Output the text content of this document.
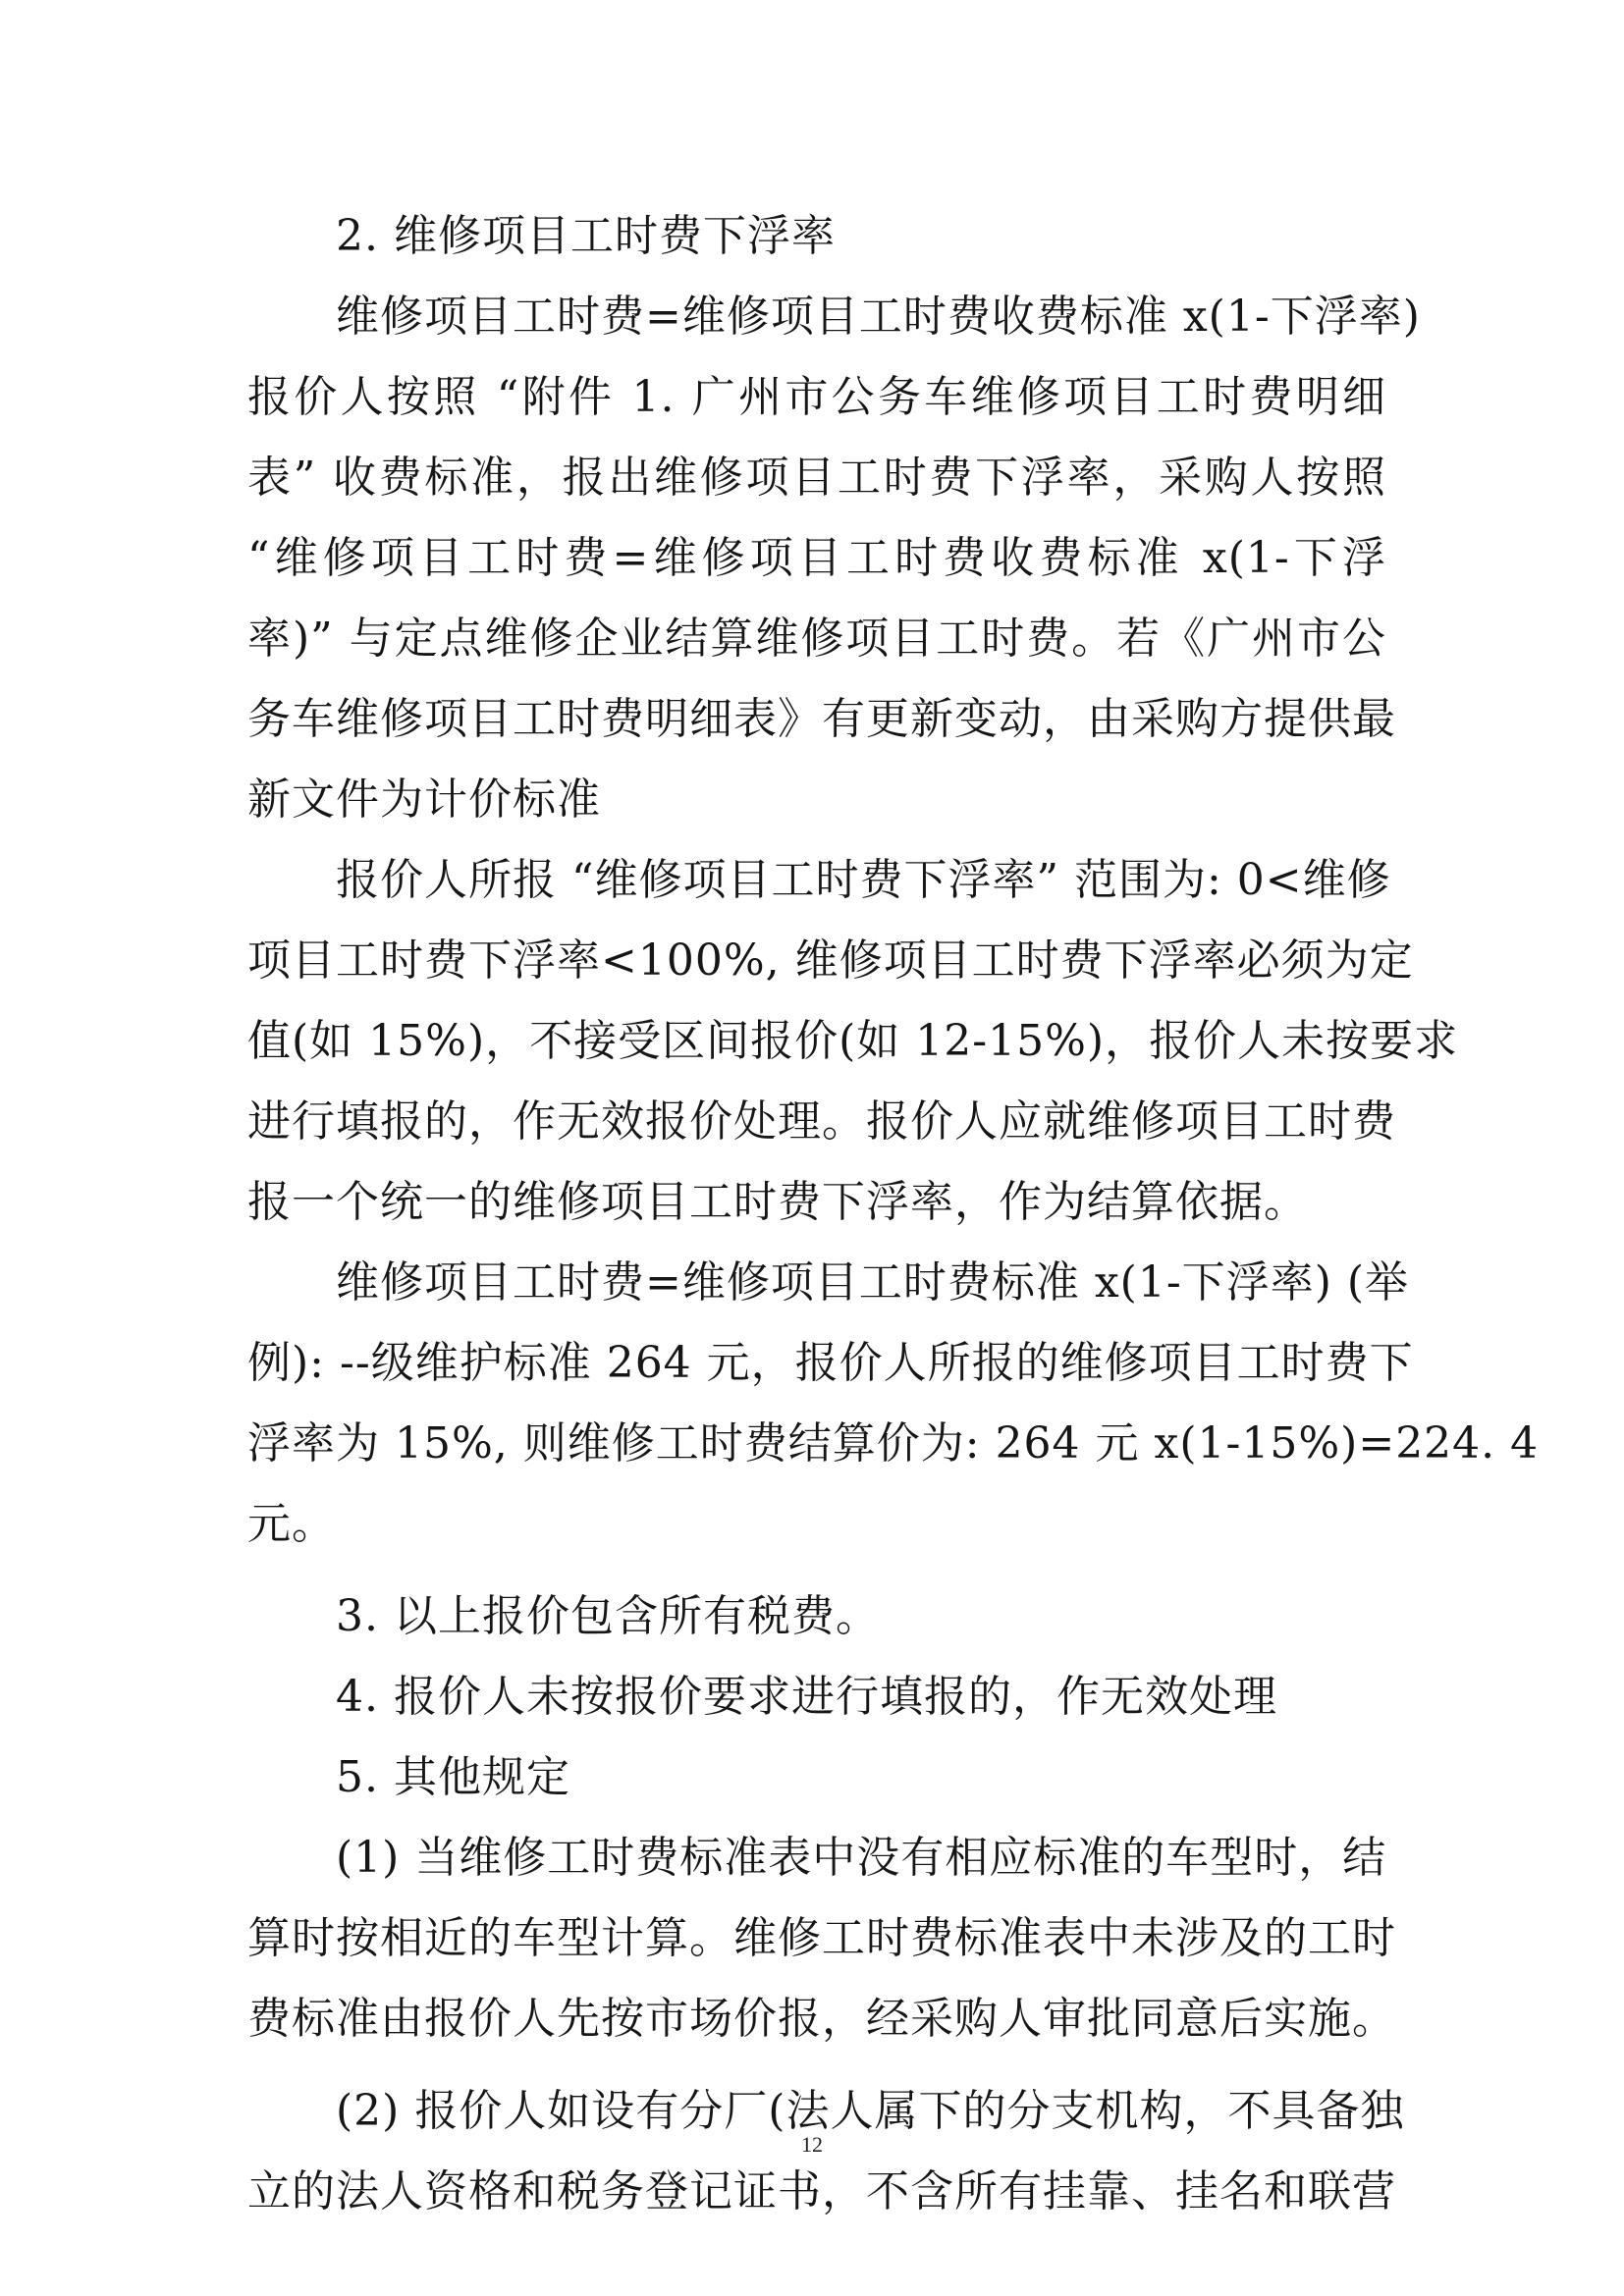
2. 维修项目工时费下浮率
维修项目工时费=维修项目工时费收费标准 x(1-下浮率)
报价人按照 “附件 1. 广州市公务车维修项目工时费明细
表” 收费标准，报出维修项目工时费下浮率，采购人按照
“维修项目工时费=维修项目工时费收费标准 x(1-下浮
率)” 与定点维修企业结算维修项目工时费。若《广州市公
务车维修项目工时费明细表》有更新变动，由采购方提供最
新文件为计价标准
报价人所报 “维修项目工时费下浮率” 范围为: 0<维修
项目工时费下浮率<100%, 维修项目工时费下浮率必须为定
值(如 15%)，不接受区间报价(如 12-15%)，报价人未按要求
进行填报的，作无效报价处理。报价人应就维修项目工时费
报一个统一的维修项目工时费下浮率，作为结算依据。
维修项目工时费=维修项目工时费标准 x(1-下浮率) (举
例): --级维护标准 264 元，报价人所报的维修项目工时费下
浮率为 15%, 则维修工时费结算价为: 264 元 x(1-15%)=224. 4
元。
3. 以上报价包含所有税费。
4. 报价人未按报价要求进行填报的，作无效处理
5. 其他规定
(1) 当维修工时费标准表中没有相应标准的车型时，结
算时按相近的车型计算。维修工时费标准表中未涉及的工时
费标准由报价人先按市场价报，经采购人审批同意后实施。
(2) 报价人如设有分厂(法人属下的分支机构，不具备独
立的法人资格和税务登记证书，不含所有挂靠、挂名和联营
12
